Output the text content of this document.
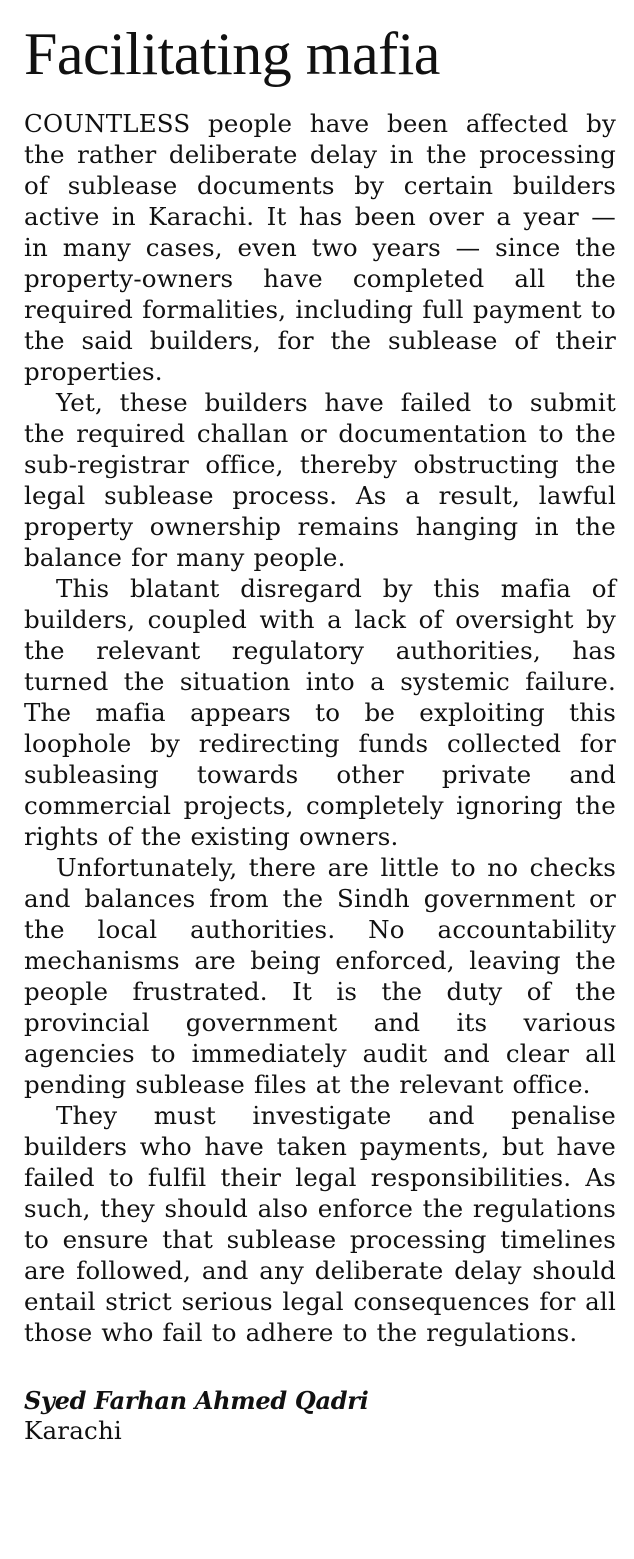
Facilitating mafia

COUNTLESS people have been affected by the rather deliberate delay in the processing of sublease documents by certain builders active in Karachi. It has been over a year — in many cases, even two years — since the property-owners have completed all the required formalities, including full payment to the said builders, for the sublease of their properties.

Yet, these builders have failed to submit the required challan or documentation to the sub-registrar office, thereby obstructing the legal sublease process. As a result, lawful property ownership remains hanging in the balance for many people.

This blatant disregard by this mafia of builders, coupled with a lack of oversight by the relevant regulatory authorities, has turned the situation into a systemic failure. The mafia appears to be exploiting this loophole by redirecting funds collected for subleasing towards other private and commercial projects, completely ignoring the rights of the existing owners.

Unfortunately, there are little to no checks and balances from the Sindh government or the local authorities. No accountability mechanisms are being enforced, leaving the people frustrated. It is the duty of the provincial government and its various agencies to immediately audit and clear all pending sublease files at the relevant office.

They must investigate and penalise builders who have taken payments, but have failed to fulfil their legal responsibilities. As such, they should also enforce the regulations to ensure that sublease processing timelines are followed, and any deliberate delay should entail strict serious legal consequences for all those who fail to adhere to the regulations.

Syed Farhan Ahmed Qadri
Karachi
